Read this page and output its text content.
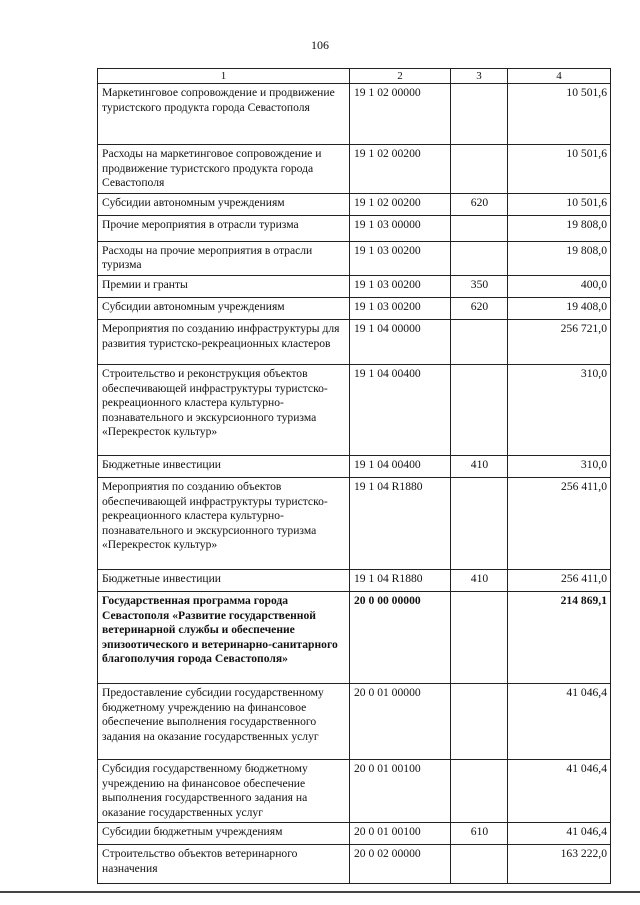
106
1	2	3	4
Маркетинговое сопровождение и продвижение туристского продукта города Севастополя	19 1 02 00000		10 501,6
Расходы на маркетинговое сопровождение и продвижение туристского продукта города Севастополя	19 1 02 00200		10 501,6
Субсидии автономным учреждениям	19 1 02 00200	620	10 501,6
Прочие мероприятия в отрасли туризма	19 1 03 00000		19 808,0
Расходы на прочие мероприятия в отрасли туризма	19 1 03 00200		19 808,0
Премии и гранты	19 1 03 00200	350	400,0
Субсидии автономным учреждениям	19 1 03 00200	620	19 408,0
Мероприятия по созданию инфраструктуры для развития туристско-рекреационных кластеров	19 1 04 00000		256 721,0
Строительство и реконструкция объектов обеспечивающей инфраструктуры туристско-рекреационного кластера культурно-познавательного и экскурсионного туризма «Перекресток культур»	19 1 04 00400		310,0
Бюджетные инвестиции	19 1 04 00400	410	310,0
Мероприятия по созданию объектов обеспечивающей инфраструктуры туристско-рекреационного кластера культурно-познавательного и экскурсионного туризма «Перекресток культур»	19 1 04 R1880		256 411,0
Бюджетные инвестиции	19 1 04 R1880	410	256 411,0
Государственная программа города Севастополя «Развитие государственной ветеринарной службы и обеспечение эпизоотического и ветеринарно-санитарного благополучия города Севастополя»	20 0 00 00000		214 869,1
Предоставление субсидии государственному бюджетному учреждению на финансовое обеспечение выполнения государственного задания на оказание государственных услуг	20 0 01 00000		41 046,4
Субсидия государственному бюджетному учреждению на финансовое обеспечение выполнения государственного задания на оказание государственных услуг	20 0 01 00100		41 046,4
Субсидии бюджетным учреждениям	20 0 01 00100	610	41 046,4
Строительство объектов ветеринарного назначения	20 0 02 00000		163 222,0
